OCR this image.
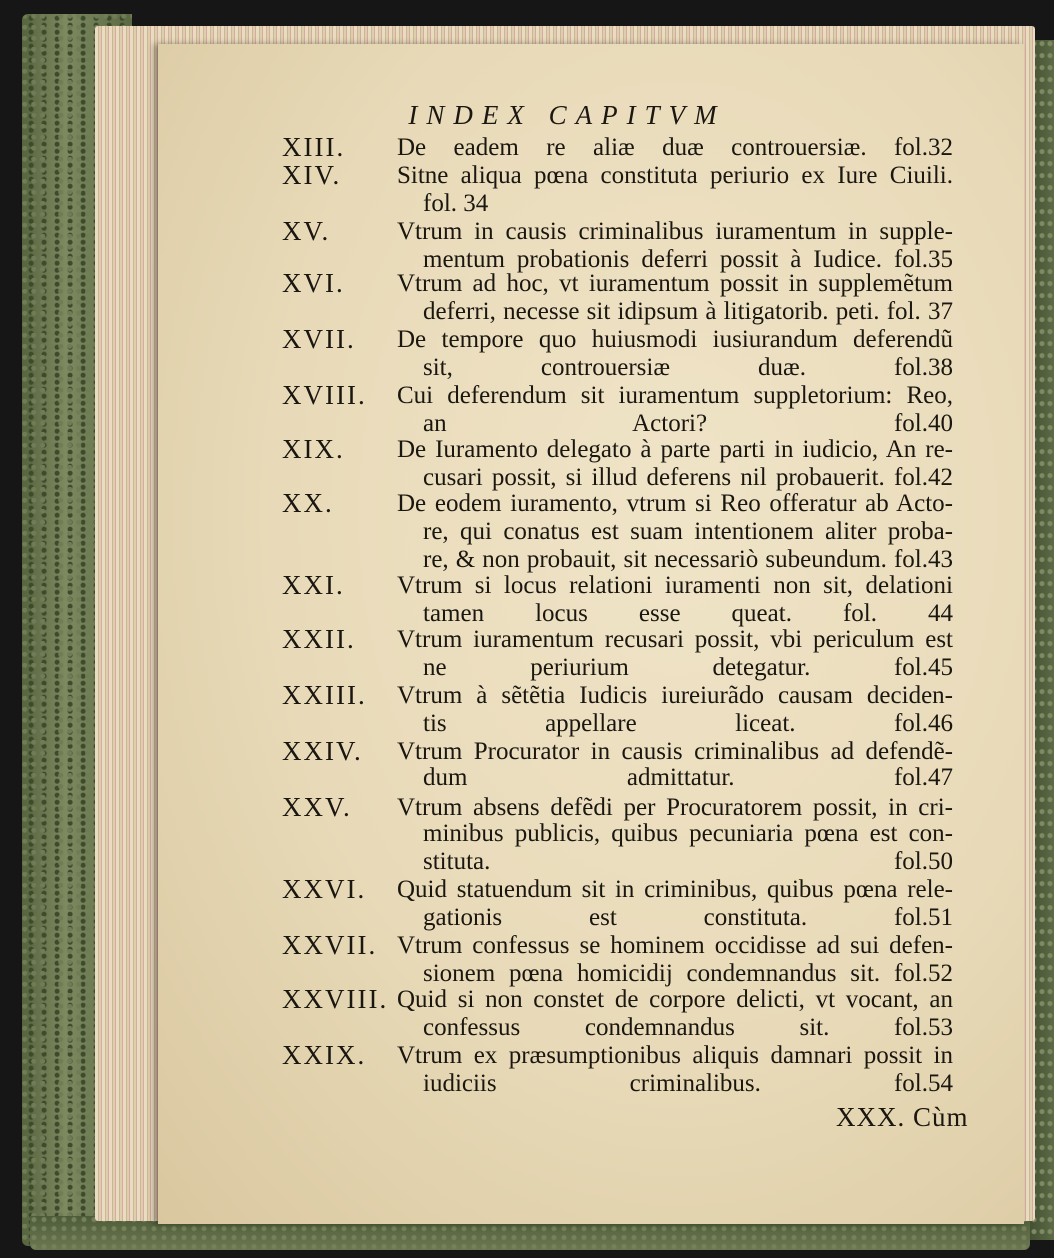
INDEX CAPITVM
XIII. De eadem re aliæ duæ controuersiæ. fol.32
XIV. Sitne aliqua pœna constituta periurio ex Iure Ciuili.
fol. 34
XV.	Vtrum in causis criminalibus iuramentum in supple-
mentum probationis deferri possit à Iudice. fol.35
XVI. Vtrum ad hoc, vt iuramentum possit in supplemẽtum
deferri, necesse sit idipsum à litigatorib. peti. fol. 37
XVII. De tempore quo huiusmodi iusiurandum deferendũ
sit, controuersiæ duæ. fol.38
XVIII. Cui deferendum sit iuramentum suppletorium: Reo,
an Actori? fol.40
XIX. De Iuramento delegato à parte parti in iudicio, An re-
cusari possit, si illud deferens nil probauerit. fol.42
XX.	De eodem iuramento, vtrum si Reo offeratur ab Acto-
re, qui conatus est suam intentionem aliter proba-
re, & non probauit, sit necessariò subeundum. fol.43
XXI. Vtrum si locus relationi iuramenti non sit, delationi
tamen locus esse queat. fol. 44
XXII. Vtrum iuramentum recusari possit, vbi periculum est
ne periurium detegatur. fol.45
XXIII. Vtrum à sẽtẽtia Iudicis iureiurãdo causam deciden-
tis appellare liceat. fol.46
XXIV. Vtrum Procurator in causis criminalibus ad defendẽ-
dum admittatur. fol.47
XXV. Vtrum absens defẽdi per Procuratorem possit, in cri-
minibus publicis, quibus pecuniaria pœna est con-
stituta. fol.50
XXVI. Quid statuendum sit in criminibus, quibus pœna rele-
gationis est constituta. fol.51
XXVII. Vtrum confessus se hominem occidisse ad sui defen-
sionem pœna homicidij condemnandus sit. fol.52
XXVIII. Quid si non constet de corpore delicti, vt vocant, an
confessus condemnandus sit. fol.53
XXIX. Vtrum ex præsumptionibus aliquis damnari possit in
iudiciis criminalibus. fol.54
XXX. Cùm
